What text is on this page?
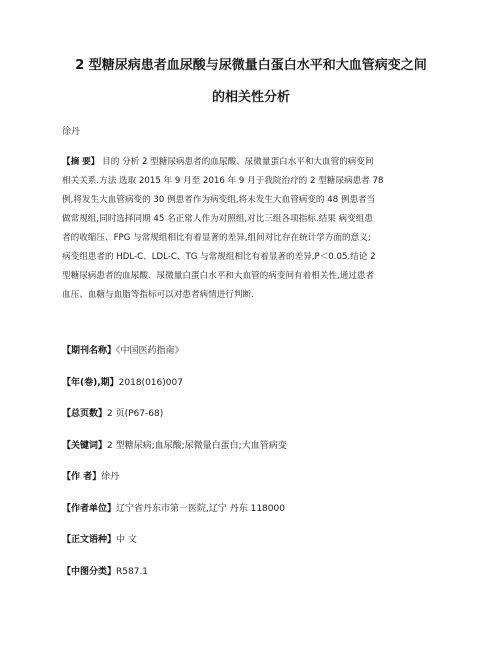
2 型糖尿病患者血尿酸与尿微量白蛋白水平和大血管病变之间
的相关性分析
徐丹
【摘 要】 目的 分析 2 型糖尿病患者的血尿酸、尿微量蛋白水平和大血管的病变间
相关关系.方法 选取 2015 年 9 月至 2016 年 9 月于我院治疗的 2 型糖尿病患者 78
例,将发生大血管病变的 30 例患者作为病变组,将未发生大血管病变的 48 例患者当
做常规组,同时选择同期 45 名正常人作为对照组,对比三组各项指标.结果 病变组患
者的收缩压、FPG 与常规组相比有着显著的差异,组间对比存在统计学方面的意义;
病变组患者的 HDL-C、LDL-C、TG 与常规组相比有着显著的差异,P＜0.05.结论 2
型糖尿病患者的血尿酸、尿微量白蛋白水平和大血管的病变间有着相关性,通过患者
血压、血糖与血脂等指标可以对患者病情进行判断.
【期刊名称】《中国医药指南》
【年(卷),期】2018(016)007
【总页数】2 页(P67-68)
【关键词】2 型糖尿病;血尿酸;尿微量白蛋白;大血管病变
【作 者】徐丹
【作者单位】辽宁省丹东市第一医院,辽宁 丹东 118000
【正文语种】中 文
【中图分类】R587.1
